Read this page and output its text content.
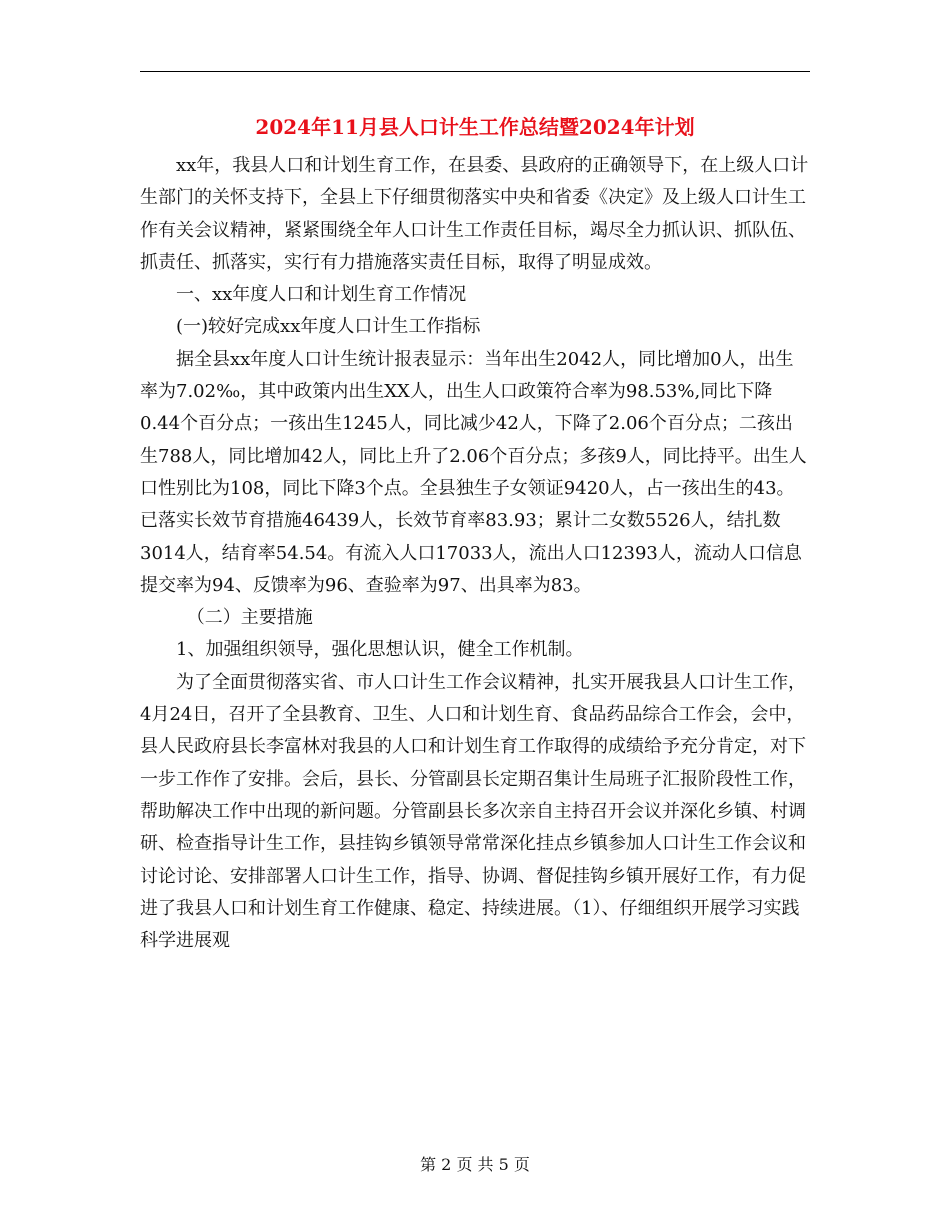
2024年11月县人口计生工作总结暨2024年计划

xx年，我县人口和计划生育工作，在县委、县政府的正确领导下，在上级人口计生部门的关怀支持下，全县上下仔细贯彻落实中央和省委《决定》及上级人口计生工作有关会议精神，紧紧围绕全年人口计生工作责任目标，竭尽全力抓认识、抓队伍、抓责任、抓落实，实行有力措施落实责任目标，取得了明显成效。

一、xx年度人口和计划生育工作情况

(一)较好完成xx年度人口计生工作指标

据全县xx年度人口计生统计报表显示：当年出生2042人，同比增加0人，出生率为7.02‰，其中政策内出生XX人，出生人口政策符合率为98.53%,同比下降0.44个百分点；一孩出生1245人，同比减少42人，下降了2.06个百分点；二孩出生788人，同比增加42人，同比上升了2.06个百分点；多孩9人，同比持平。出生人口性别比为108，同比下降3个点。全县独生子女领证9420人，占一孩出生的43。已落实长效节育措施46439人，长效节育率83.93；累计二女数5526人，结扎数3014人，结育率54.54。有流入人口17033人，流出人口12393人，流动人口信息提交率为94、反馈率为96、查验率为97、出具率为83。

（二）主要措施

1、加强组织领导，强化思想认识，健全工作机制。

为了全面贯彻落实省、市人口计生工作会议精神，扎实开展我县人口计生工作，4月24日，召开了全县教育、卫生、人口和计划生育、食品药品综合工作会，会中，县人民政府县长李富林对我县的人口和计划生育工作取得的成绩给予充分肯定，对下一步工作作了安排。会后，县长、分管副县长定期召集计生局班子汇报阶段性工作，帮助解决工作中出现的新问题。分管副县长多次亲自主持召开会议并深化乡镇、村调研、检查指导计生工作，县挂钩乡镇领导常常深化挂点乡镇参加人口计生工作会议和讨论讨论、安排部署人口计生工作，指导、协调、督促挂钩乡镇开展好工作，有力促进了我县人口和计划生育工作健康、稳定、持续进展。（1）、仔细组织开展学习实践科学进展观

第 2 页 共 5 页
